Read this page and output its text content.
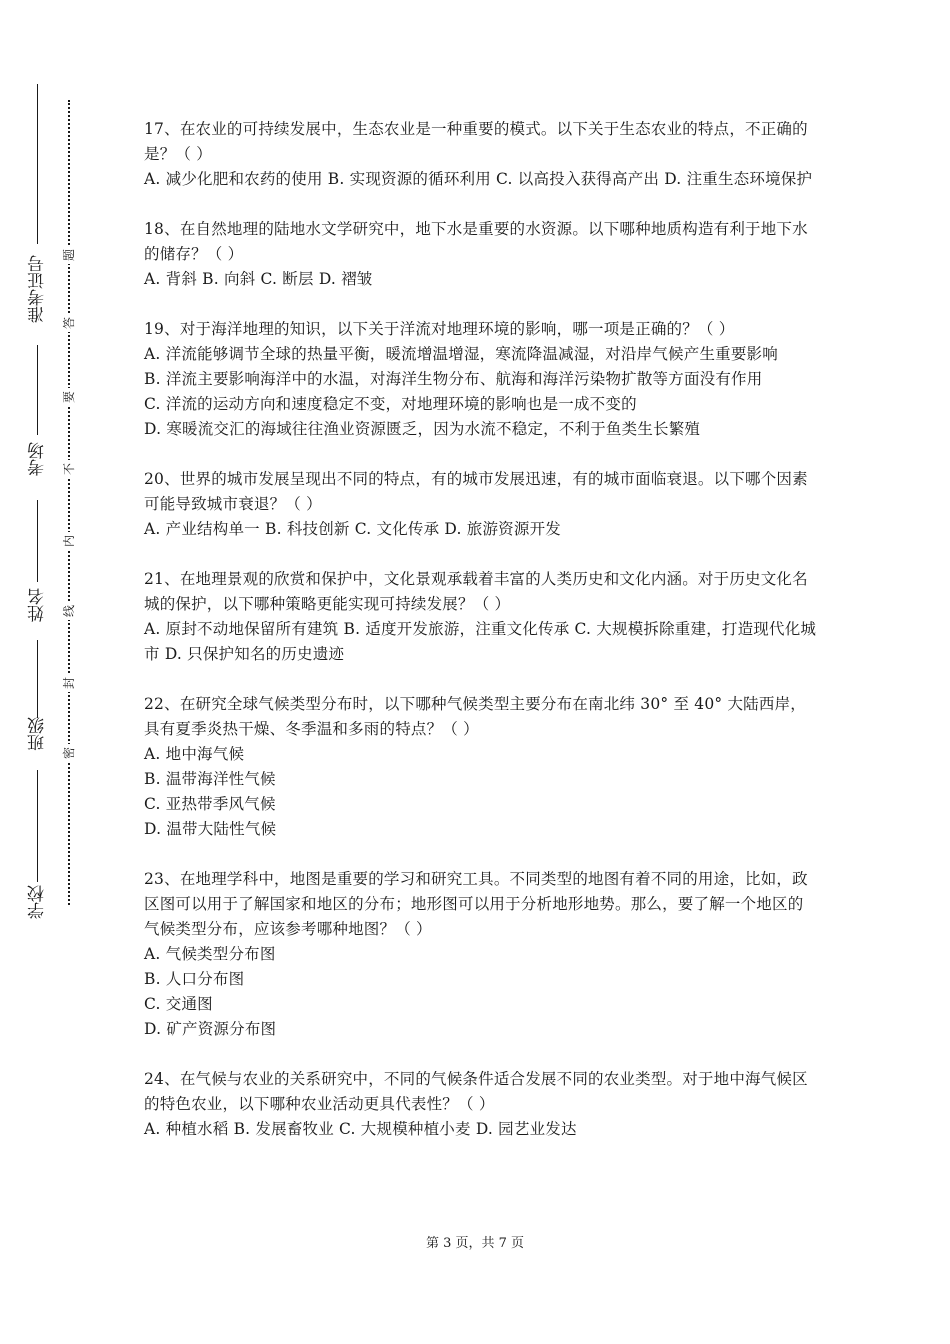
准考证号
考场
姓名
班级
学校
题
答
要
不
内
线
封
密

17、在农业的可持续发展中，生态农业是一种重要的模式。以下关于生态农业的特点，不正确的是？（ ）

A. 减少化肥和农药的使用 B. 实现资源的循环利用 C. 以高投入获得高产出 D. 注重生态环境保护

18、在自然地理的陆地水文学研究中，地下水是重要的水资源。以下哪种地质构造有利于地下水的储存？（ ）

A. 背斜 B. 向斜 C. 断层 D. 褶皱

19、对于海洋地理的知识，以下关于洋流对地理环境的影响，哪一项是正确的？（ ）

A. 洋流能够调节全球的热量平衡，暖流增温增湿，寒流降温减湿，对沿岸气候产生重要影响

B. 洋流主要影响海洋中的水温，对海洋生物分布、航海和海洋污染物扩散等方面没有作用

C. 洋流的运动方向和速度稳定不变，对地理环境的影响也是一成不变的

D. 寒暖流交汇的海域往往渔业资源匮乏，因为水流不稳定，不利于鱼类生长繁殖

20、世界的城市发展呈现出不同的特点，有的城市发展迅速，有的城市面临衰退。以下哪个因素可能导致城市衰退？（ ）

A. 产业结构单一 B. 科技创新 C. 文化传承 D. 旅游资源开发

21、在地理景观的欣赏和保护中，文化景观承载着丰富的人类历史和文化内涵。对于历史文化名城的保护，以下哪种策略更能实现可持续发展？（ ）

A. 原封不动地保留所有建筑 B. 适度开发旅游，注重文化传承 C. 大规模拆除重建，打造现代化城市 D. 只保护知名的历史遗迹

22、在研究全球气候类型分布时，以下哪种气候类型主要分布在南北纬 30° 至 40° 大陆西岸，具有夏季炎热干燥、冬季温和多雨的特点？（ ）

A. 地中海气候

B. 温带海洋性气候

C. 亚热带季风气候

D. 温带大陆性气候

23、在地理学科中，地图是重要的学习和研究工具。不同类型的地图有着不同的用途，比如，政区图可以用于了解国家和地区的分布；地形图可以用于分析地形地势。那么，要了解一个地区的气候类型分布，应该参考哪种地图？（ ）

A. 气候类型分布图

B. 人口分布图

C. 交通图

D. 矿产资源分布图

24、在气候与农业的关系研究中，不同的气候条件适合发展不同的农业类型。对于地中海气候区的特色农业，以下哪种农业活动更具代表性？（ ）

A. 种植水稻 B. 发展畜牧业 C. 大规模种植小麦 D. 园艺业发达

第 3 页，共 7 页
